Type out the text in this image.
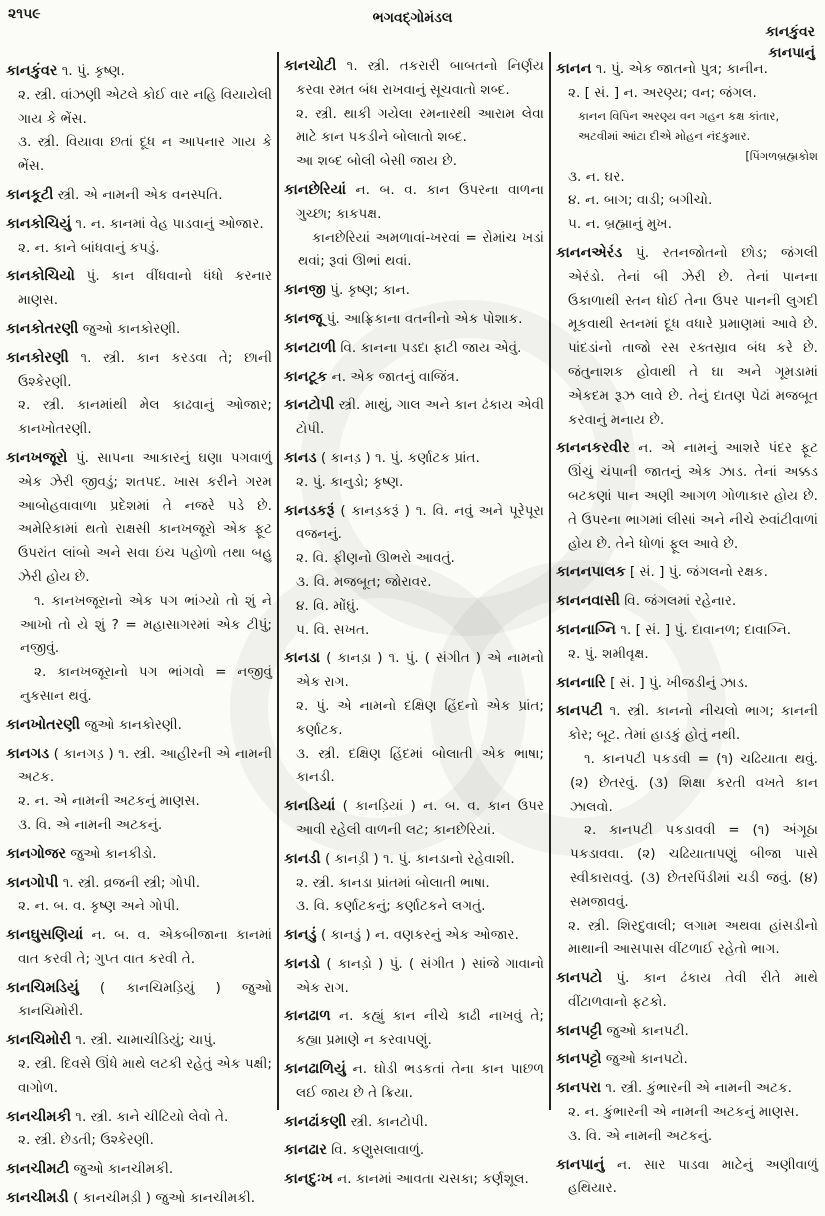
૨૧૫૯	ભગવદ્ગોમંડલ
કાનકુંવર
કાનપાનું
કાનકુંવર ૧. પું. કૃષ્ણ.
૨. સ્ત્રી. વાંઝણી એટલે કોઈ વાર નહિ વિયાયેલી ગાય કે ભેંસ.
૩. સ્ત્રી. વિયાવા છતાં દૂધ ન આપનાર ગાય કે ભેંસ.
કાનકૂટી સ્ત્રી. એ નામની એક વનસ્પતિ.
કાનકોચિયું ૧. ન. કાનમાં વેહ પાડવાનું ઓજાર.
૨. ન. કાને બાંધવાનું કપડું.
કાનકોચિયો પું. કાન વીંધવાનો ધંધો કરનાર માણસ.
કાનકોતરણી જુઓ કાનકોરણી.
કાનકોરણી ૧. સ્ત્રી. કાન કરડવા તે; છાની ઉશ્કેરણી.
૨. સ્ત્રી. કાનમાંથી મેલ કાઢવાનું ઓજાર; કાનખોતરણી.
કાનખજૂરો પું. સાપના આકારનું ઘણા પગવાળું એક ઝેરી જીવડું; શતપદ. ખાસ કરીને ગરમ આબોહવાવાળા પ્રદેશમાં તે નજરે પડે છે. અમેરિકામાં થતો રાક્ષસી કાનખજૂરો એક ફૂટ ઉપરાંત લાંબો અને સવા ઇંચ પહોળો તથા બહુ ઝેરી હોય છે.
૧. કાનખજૂરાનો એક પગ ભાંગ્યો તો શું ને આખો તો યે શું ? = મહાસાગરમાં એક ટીપું; નજીવું.
૨. કાનખજૂરાનો પગ ભાંગવો = નજીવું નુકસાન થવું.
કાનખોતરણી જુઓ કાનકોરણી.
કાનગડ ( કાનગડ઼ ) ૧. સ્ત્રી. આહીરની એ નામની અટક.
૨. ન. એ નામની અટકનું માણસ.
૩. વિ. એ નામની અટકનું.
કાનગોજર જુઓ કાનકીડો.
કાનગોપી ૧. સ્ત્રી. વ્રજની સ્ત્રી; ગોપી.
૨. ન. બ. વ. કૃષ્ણ અને ગોપી.
કાનઘુસણિયાં ન. બ. વ. એકબીજાના કાનમાં વાત કરવી તે; ગુપ્ત વાત કરવી તે.
કાનચિમડિયું ( કાનચિમડ઼િયું ) જુઓ કાનચિમોરી.
કાનચિમોરી ૧. સ્ત્રી. ચામાચીડિયું; ચાપું.
૨. સ્ત્રી. દિવસે ઊંધે માથે લટકી રહેતું એક પક્ષી; વાગોળ.
કાનચીમકી ૧. સ્ત્રી. કાને ચીટિયો લેવો તે.
૨. સ્ત્રી. છેડતી; ઉશ્કેરણી.
કાનચીમટી જુઓ કાનચીમકી.
કાનચીમડી ( કાનચીમડ઼ી ) જુઓ કાનચીમકી.
કાનચોટી ૧. સ્ત્રી. તકરારી બાબતનો નિર્ણય કરવા રમત બંધ રાખવાનું સૂચવાતો શબ્દ.
૨. સ્ત્રી. થાકી ગયેલા રમનારથી આરામ લેવા માટે કાન પકડીને બોલાતો શબ્દ.
આ શબ્દ બોલી બેસી જાય છે.
કાનછેરિયાં ન. બ. વ. કાન ઉપરના વાળના ગુચ્છા; કાકપક્ષ.
કાનછેરિયાં અમળાવાં-ખરવાં = રોમાંચ ખડાં થવાં; રૂવાં ઊભાં થવાં.
કાનજી પું. કૃષ્ણ; કાન.
કાનજૂ પું. આફ્રિકાના વતનીનો એક પોશાક.
કાનટાળી વિ. કાનના પડદા ફાટી જાય એવું.
કાનટૂક ન. એક જાતનું વાજિંત્ર.
કાનટોપી સ્ત્રી. માથું, ગાલ અને કાન ઢંકાય એવી ટોપી.
કાનડ ( કાનડ઼ ) ૧. પું. કર્ણાટક પ્રાંત.
૨. પું. કાનુડો; કૃષ્ણ.
કાનડકરૂં ( કાનડ઼કરૂં ) ૧. વિ. નવું અને પૂરેપૂરા વજનનું.
૨. વિ. ફીણનો ઊભરો આવતું.
૩. વિ. મજબૂત; જોરાવર.
૪. વિ. મોંઘું.
૫. વિ. સખત.
કાનડા ( કાનડ઼ા ) ૧. પું. ( સંગીત ) એ નામનો એક રાગ.
૨. પું. એ નામનો દક્ષિણ હિંદનો એક પ્રાંત; કર્ણાટક.
૩. સ્ત્રી. દક્ષિણ હિંદમાં બોલાતી એક ભાષા; કાનડી.
કાનડિયાં ( કાનડ઼િયાં ) ન. બ. વ. કાન ઉપર આવી રહેલી વાળની લટ; કાનછેરિયાં.
કાનડી ( કાનડ઼ી ) ૧. પું. કાનડાનો રહેવાશી.
૨. સ્ત્રી. કાનડા પ્રાંતમાં બોલાતી ભાષા.
૩. વિ. કર્ણાટકનું; કર્ણાટકને લગતું.
કાનડું ( કાનડ઼ું ) ન. વણકરનું એક ઓજાર.
કાનડો ( કાનડ઼ો ) પું. ( સંગીત ) સાંજે ગાવાનો એક રાગ.
કાનઢાળ ન. કહ્યું કાન નીચે કાઢી નાખવું તે; કહ્યા પ્રમાણે ન કરવાપણું.
કાનઢાળિયું ન. ઘોડી ભડકતાં તેના કાન પાછળ લઈ જાય છે તે ક્રિયા.
કાનઢાંકણી સ્ત્રી. કાનટોપી.
કાનઢાર વિ. કણુસલાવાળું.
કાનદુઃખ ન. કાનમાં આવતા ચસકા; કર્ણશૂલ.
કાનન ૧. પું. એક જાતનો પુત્ર; કાનીન.
૨. [ સં. ] ન. અરણ્ય; વન; જંગલ.
કાનન વિપિન અરણ્ય વન ગહન કક્ષ કાંતાર,
અટવીમાં આંટા દીએ મોહન નંદકુમાર.
[પિંગળબ્રહ્મકોશ
૩. ન. ઘર.
૪. ન. બાગ; વાડી; બગીચો.
૫. ન. બ્રહ્માનું મુખ.
કાનનએરંડ પું. રતનજોતનો છોડ; જંગલી એરંડો. તેનાં બી ઝેરી છે. તેનાં પાનના ઉકાળાથી સ્તન ધોઈ તેના ઉપર પાનની લુગદી મૂકવાથી સ્તનમાં દૂધ વધારે પ્રમાણમાં આવે છે. પાંદડાંનો તાજો રસ રક્તસ્રાવ બંધ કરે છે. જંતુનાશક હોવાથી તે ઘા અને ગૂમડામાં એકદમ રૂઝ લાવે છે. તેનું દાતણ પેઢાં મજબૂત કરવાનું મનાય છે.
કાનનકરવીર ન. એ નામનું આશરે પંદર ફૂટ ઊંચું ચંપાની જાતનું એક ઝાડ. તેનાં અક્કડ બટકણાં પાન અણી આગળ ગોળાકાર હોય છે. તે ઉપરના ભાગમાં લીસાં અને નીચે રુવાંટીવાળાં હોય છે. તેને ધોળાં ફૂલ આવે છે.
કાનનપાલક [ સં. ] પું. જંગલનો રક્ષક.
કાનનવાસી વિ. જંગલમાં રહેનાર.
કાનનાગ્નિ ૧. [ સં. ] પું. દાવાનળ; દાવાગ્નિ.
૨. પું. શમીવૃક્ષ.
કાનનારિ [ સં. ] પું. ખીજડીનું ઝાડ.
કાનપટી ૧. સ્ત્રી. કાનનો નીચલો ભાગ; કાનની કોર; બૂટ. તેમાં હાડકું હોતું નથી.
૧. કાનપટી પકડવી = (૧) ચઢિયાતા થવું. (૨) છેતરવું. (૩) શિક્ષા કરતી વખતે કાન ઝાલવો.
૨. કાનપટી પકડાવવી = (૧) અંગૂઠા પકડાવવા. (૨) ચઢિયાતાપણું બીજા પાસે સ્વીકારાવવું. (૩) છેતરપિંડીમાં ચડી જવું. (૪) સમજાવવું.
૨. સ્ત્રી. શિરદુવાલી; લગામ અથવા હાંસડીનો માથાની આસપાસ વીંટળાઈ રહેતો ભાગ.
કાનપટો પું. કાન ઢંકાય તેવી રીતે માથે વીંટાળવાનો ફટકો.
કાનપટ્ટી જુઓ કાનપટી.
કાનપટ્ટો જુઓ કાનપટો.
કાનપરા ૧. સ્ત્રી. કુંભારની એ નામની અટક.
૨. ન. કુંભારની એ નામની અટકનું માણસ.
૩. વિ. એ નામની અટકનું.
કાનપાનું ન. સાર પાડવા માટેનું અણીવાળું હથિયાર.
